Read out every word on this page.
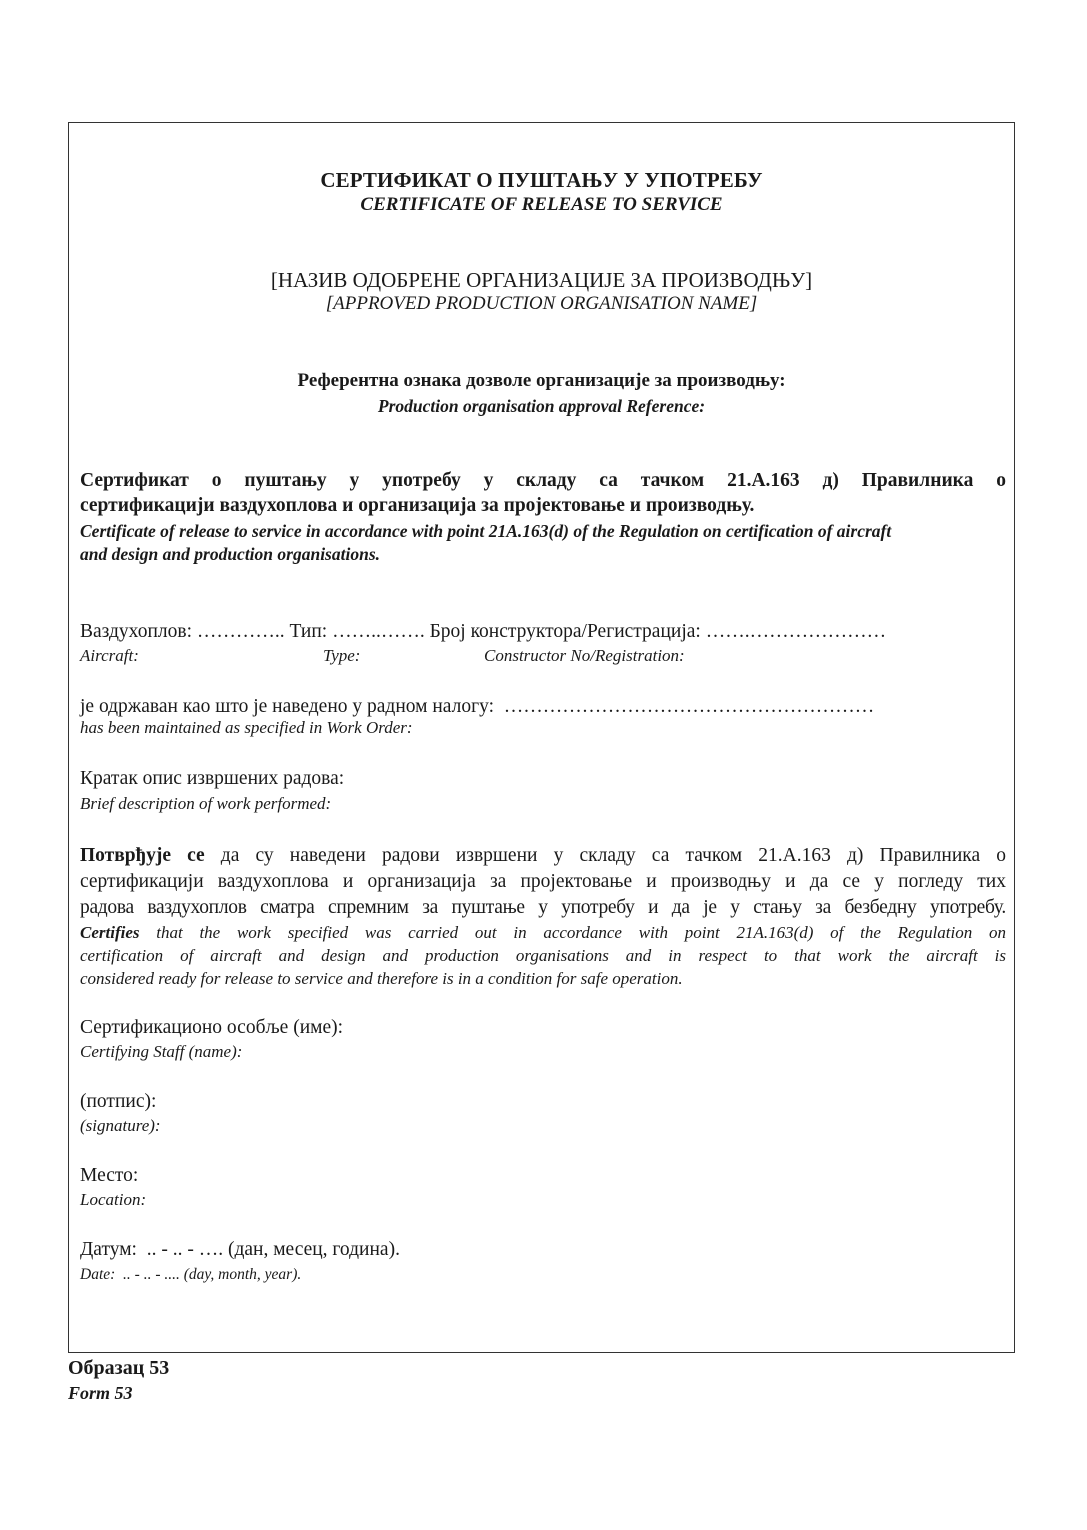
СЕРТИФИКАТ О ПУШТАЊУ У УПОТРЕБУ
CERTIFICATE OF RELEASE TO SERVICE
[НАЗИВ ОДОБРЕНЕ ОРГАНИЗАЦИЈЕ ЗА ПРОИЗВОДЊУ]
[APPROVED PRODUCTION ORGANISATION NAME]
Референтна ознака дозволе организације за производњу:
Production organisation approval Reference:
Сертификат о пуштању у употребу у складу са тачком 21.А.163 д) Правилника о
сертификацији ваздухоплова и организација за пројектовање и производњу.
Certificate of release to service in accordance with point 21A.163(d) of the Regulation on certification of aircraft
and design and production organisations.
Ваздухоплов: ………….. Тип: ……..……. Број конструктора/Регистрација: …….…………………
Aircraft:	Type:	Constructor No/Registration:
је одржаван као што је наведено у радном налогу: …………………………………………………
has been maintained as specified in Work Order:
Кратак опис извршених радова:
Brief description of work performed:
Потврђује се да су наведени радови извршени у складу са тачком 21.А.163 д) Правилника о
сертификацији ваздухоплова и организација за пројектовање и производњу и да се у погледу тих
радова ваздухоплов сматра спремним за пуштање у употребу и да је у стању за безбедну употребу.
Certifies that the work specified was carried out in accordance with point 21A.163(d) of the Regulation on
certification of aircraft and design and production organisations and in respect to that work the aircraft is
considered ready for release to service and therefore is in a condition for safe operation.
Сертификационо особље (име):
Certifying Staff (name):
(потпис):
(signature):
Место:
Location:
Датум:  .. - .. - …. (дан, месец, година).
Date:  .. - .. - .... (day, month, year).
Образац 53
Form 53
